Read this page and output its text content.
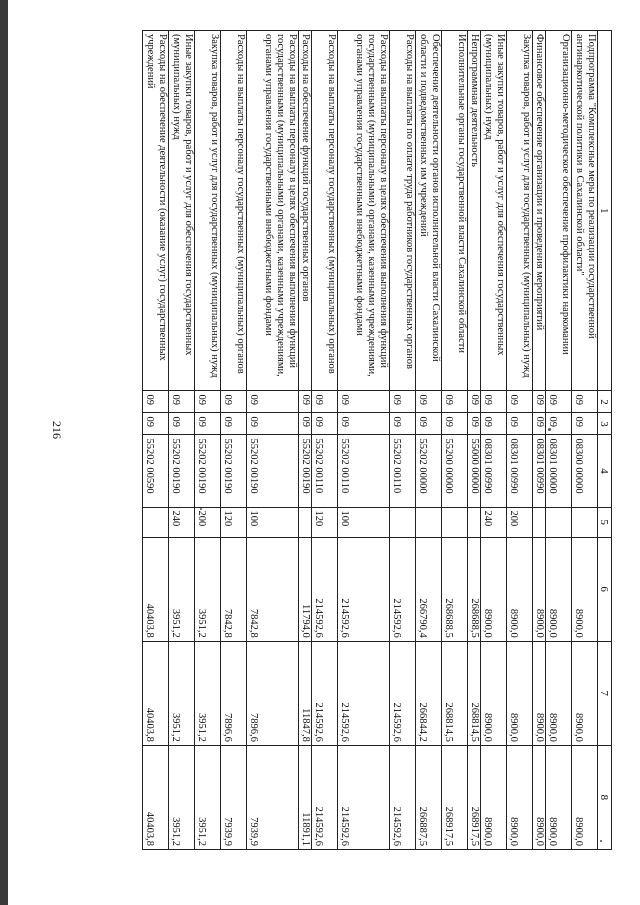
1	2	3	4	5	6	7	8
Подпрограмма "Комплексные меры по реализации государственной антинаркотической политики в Сахалинской области"	09	09	08300 00000		8900,0	8900,0	8900,0
Организационно-методическое обеспечение профилактики наркомании	09	09	08301 00000		8900,0	8900,0	8900,0
Финансовое обеспечение организации и проведения мероприятий	09	09	08301 00990		8900,0	8900,0	8900,0
Закупка товаров, работ и услуг для государственных (муниципальных) нужд	09	09	08301 00990	200	8900,0	8900,0	8900,0
Иные закупки товаров, работ и услуг для обеспечения государственных (муниципальных) нужд	09	09	08301 00990	240	8900,0	8900,0	8900,0
Непрограммная деятельность	09	09	55000 00000		268688,5	268814,5	268917,5
Исполнительные органы государственной власти Сахалинской области	09	09	55200 00000		268688,5	268814,5	268917,5
Обеспечение деятельности органов исполнительной власти Сахалинской области и подведомственных им учреждений	09	09	55202 00000		266790,4	266844,2	266887,5
Расходы на выплаты по оплате труда работников государственных органов	09	09	55202 00110		214592,6	214592,6	214592,6
Расходы на выплаты персоналу в целях обеспечения выполнения функций государственными (муниципальными) органами, казенными учреждениями, органами управления государственными внебюджетными фондами	09	09	55202 00110	100	214592,6	214592,6	214592,6
Расходы на выплаты персоналу государственных (муниципальных) органов	09	09	55202 00110	120	214592,6	214592,6	214592,6
Расходы на обеспечение функций государственных органов	09	09	55202 00190		11794,0	11847,8	11891,1
Расходы на выплаты персоналу в целях обеспечения выполнения функций государственными (муниципальными) органами, казенными учреждениями, органами управления государственными внебюджетными фондами	09	09	55202 00190	100	7842,8	7896,6	7939,9
Расходы на выплаты персоналу государственных (муниципальных) органов	09	09	55202 00190	120	7842,8	7896,6	7939,9
Закупка товаров, работ и услуг для государственных (муниципальных) нужд	09	09	55202 00190	200	3951,2	3951,2	3951,2
Иные закупки товаров, работ и услуг для обеспечения государственных (муниципальных) нужд	09	09	55202 00190	240	3951,2	3951,2	3951,2
Расходы на обеспечение деятельности (оказание услуг) государственных учреждений	09	09	55202 00590		40403,8	40403,8	40403,8
216
